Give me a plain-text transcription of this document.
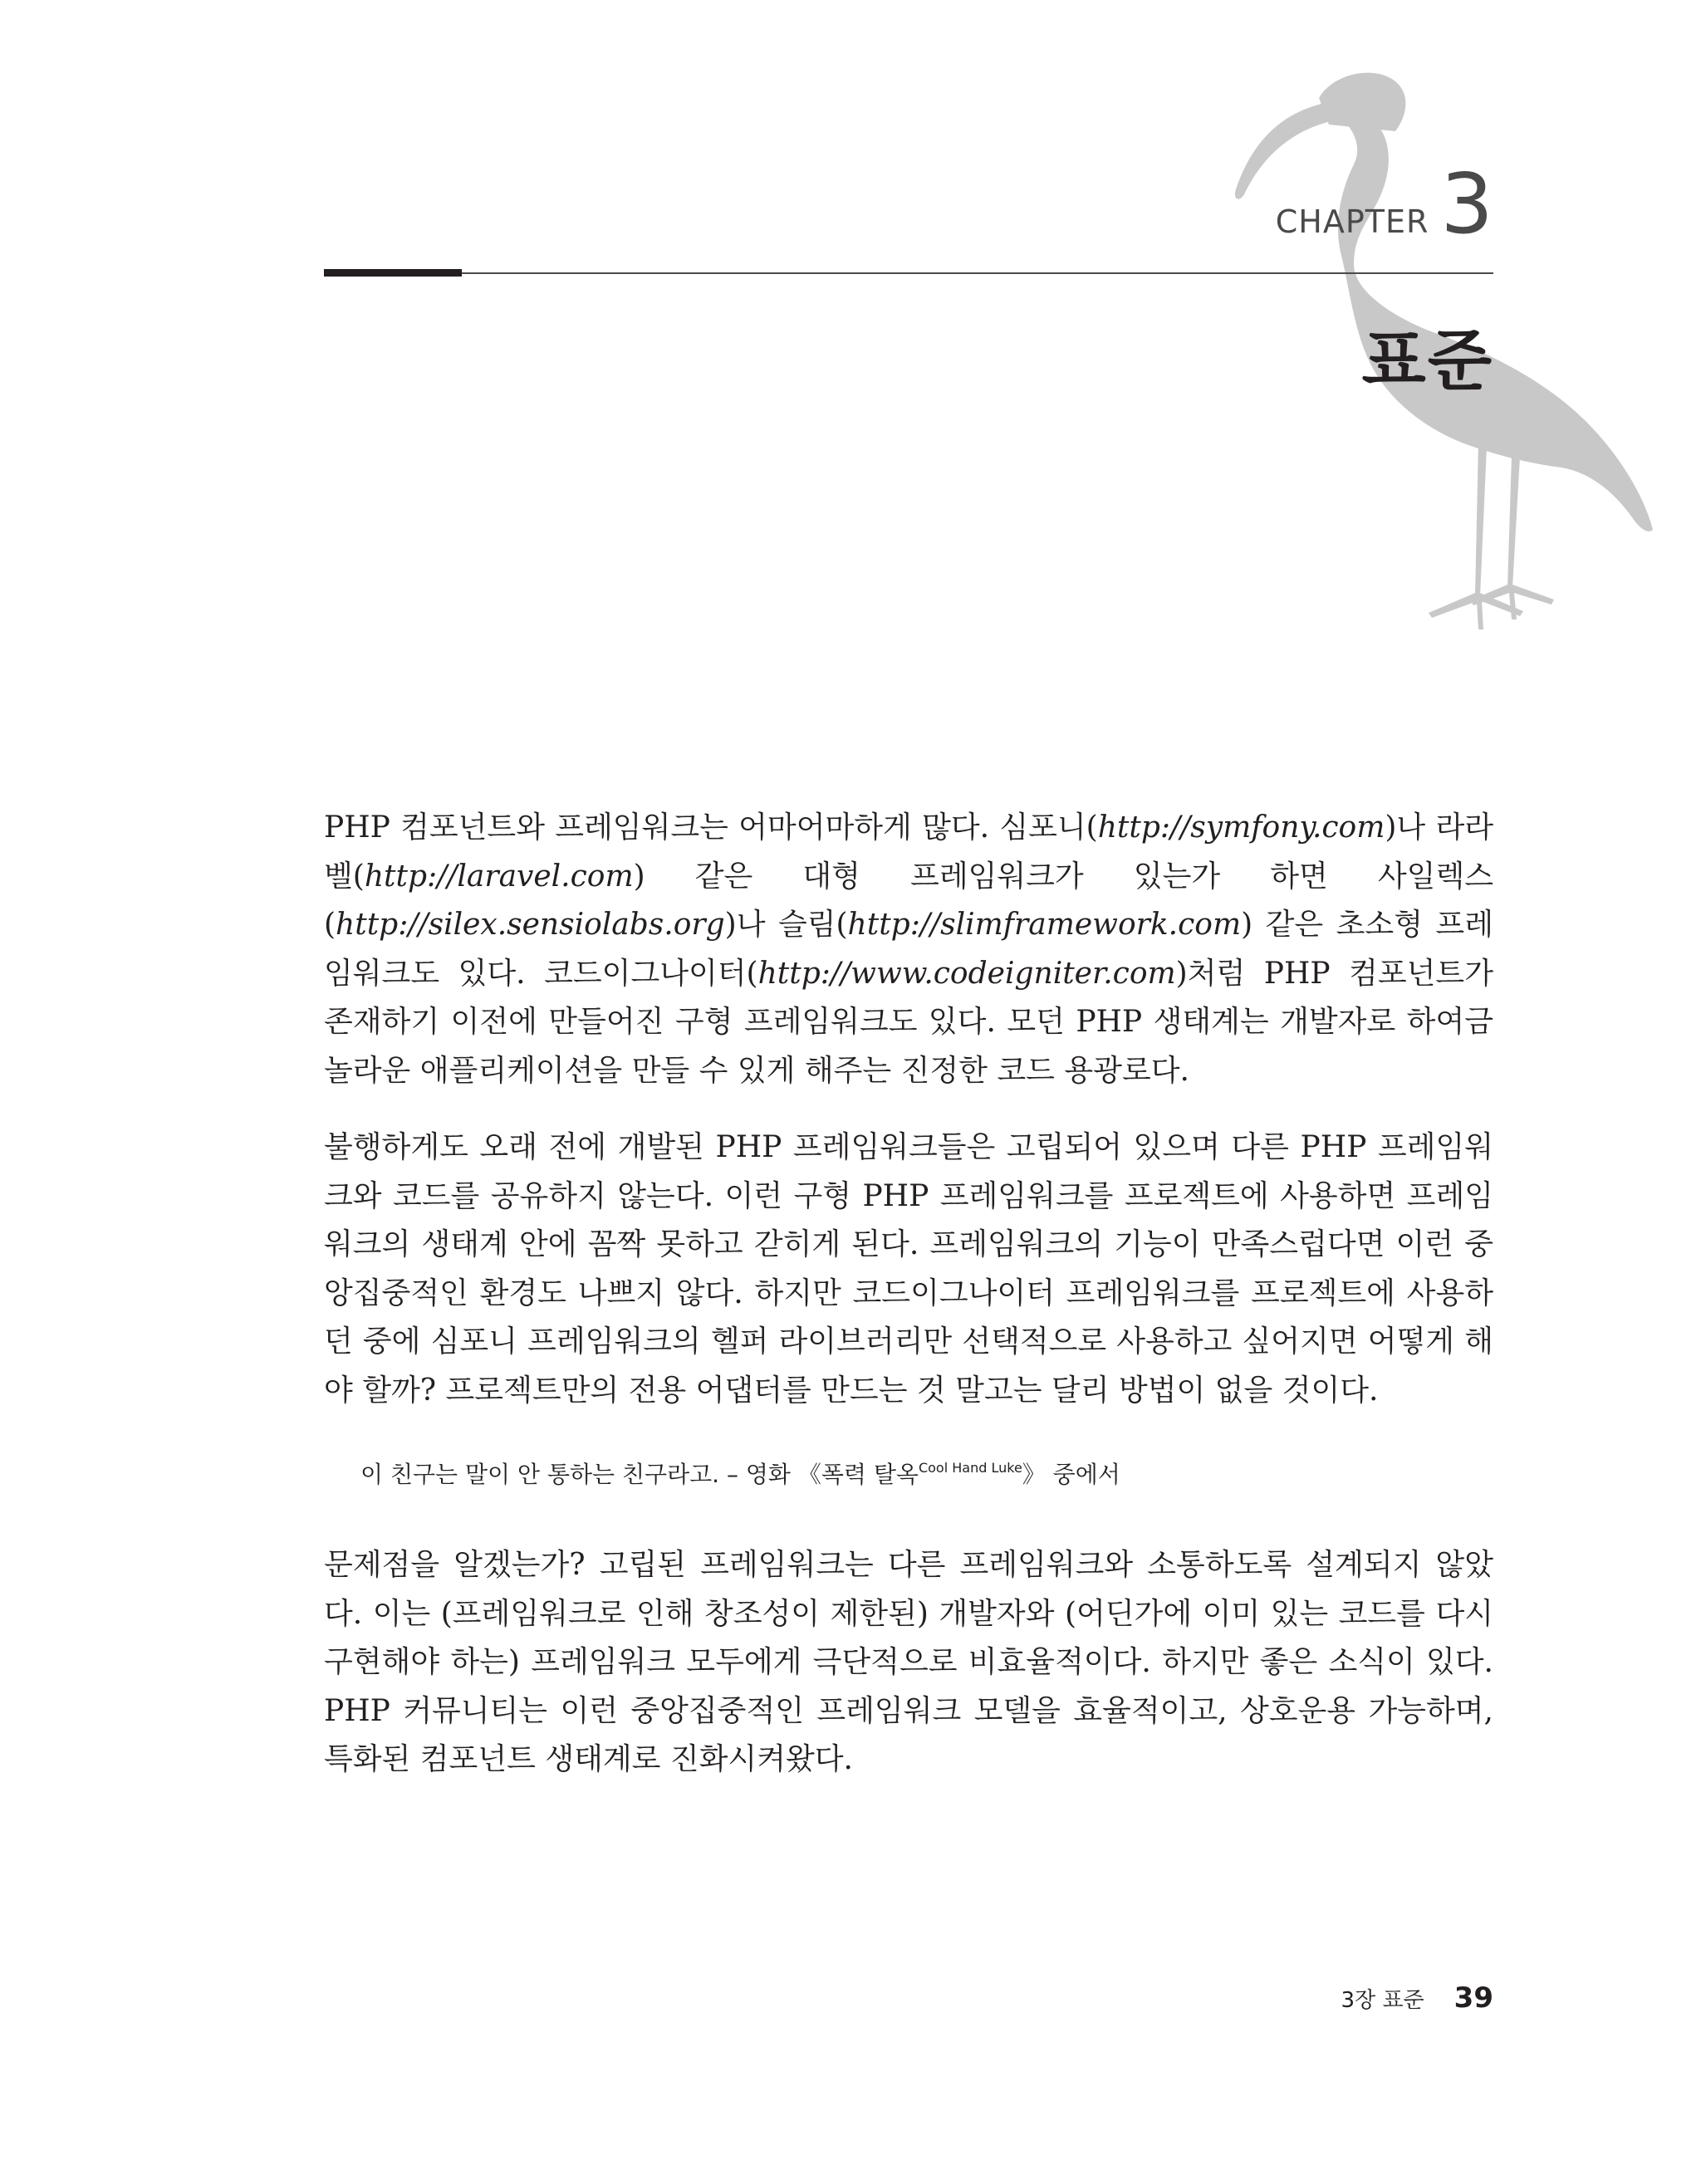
CHAPTER 3
표준

PHP 컴포넌트와 프레임워크는 어마어마하게 많다. 심포니(http://symfony.com)나 라라벨(http://laravel.com) 같은 대형 프레임워크가 있는가 하면 사일렉스(http://silex.sensiolabs.org)나 슬림(http://slimframework.com) 같은 초소형 프레임워크도 있다. 코드이그나이터(http://www.codeigniter.com)처럼 PHP 컴포넌트가 존재하기 이전에 만들어진 구형 프레임워크도 있다. 모던 PHP 생태계는 개발자로 하여금 놀라운 애플리케이션을 만들 수 있게 해주는 진정한 코드 용광로다.

불행하게도 오래 전에 개발된 PHP 프레임워크들은 고립되어 있으며 다른 PHP 프레임워크와 코드를 공유하지 않는다. 이런 구형 PHP 프레임워크를 프로젝트에 사용하면 프레임워크의 생태계 안에 꼼짝 못하고 갇히게 된다. 프레임워크의 기능이 만족스럽다면 이런 중앙집중적인 환경도 나쁘지 않다. 하지만 코드이그나이터 프레임워크를 프로젝트에 사용하던 중에 심포니 프레임워크의 헬퍼 라이브러리만 선택적으로 사용하고 싶어지면 어떻게 해야 할까? 프로젝트만의 전용 어댑터를 만드는 것 말고는 달리 방법이 없을 것이다.

이 친구는 말이 안 통하는 친구라고. – 영화 《폭력 탈옥$^{Cool Hand Luke}$》 중에서

문제점을 알겠는가? 고립된 프레임워크는 다른 프레임워크와 소통하도록 설계되지 않았다. 이는 (프레임워크로 인해 창조성이 제한된) 개발자와 (어딘가에 이미 있는 코드를 다시 구현해야 하는) 프레임워크 모두에게 극단적으로 비효율적이다. 하지만 좋은 소식이 있다. PHP 커뮤니티는 이런 중앙집중적인 프레임워크 모델을 효율적이고, 상호운용 가능하며, 특화된 컴포넌트 생태계로 진화시켜왔다.

3장 표준 39
